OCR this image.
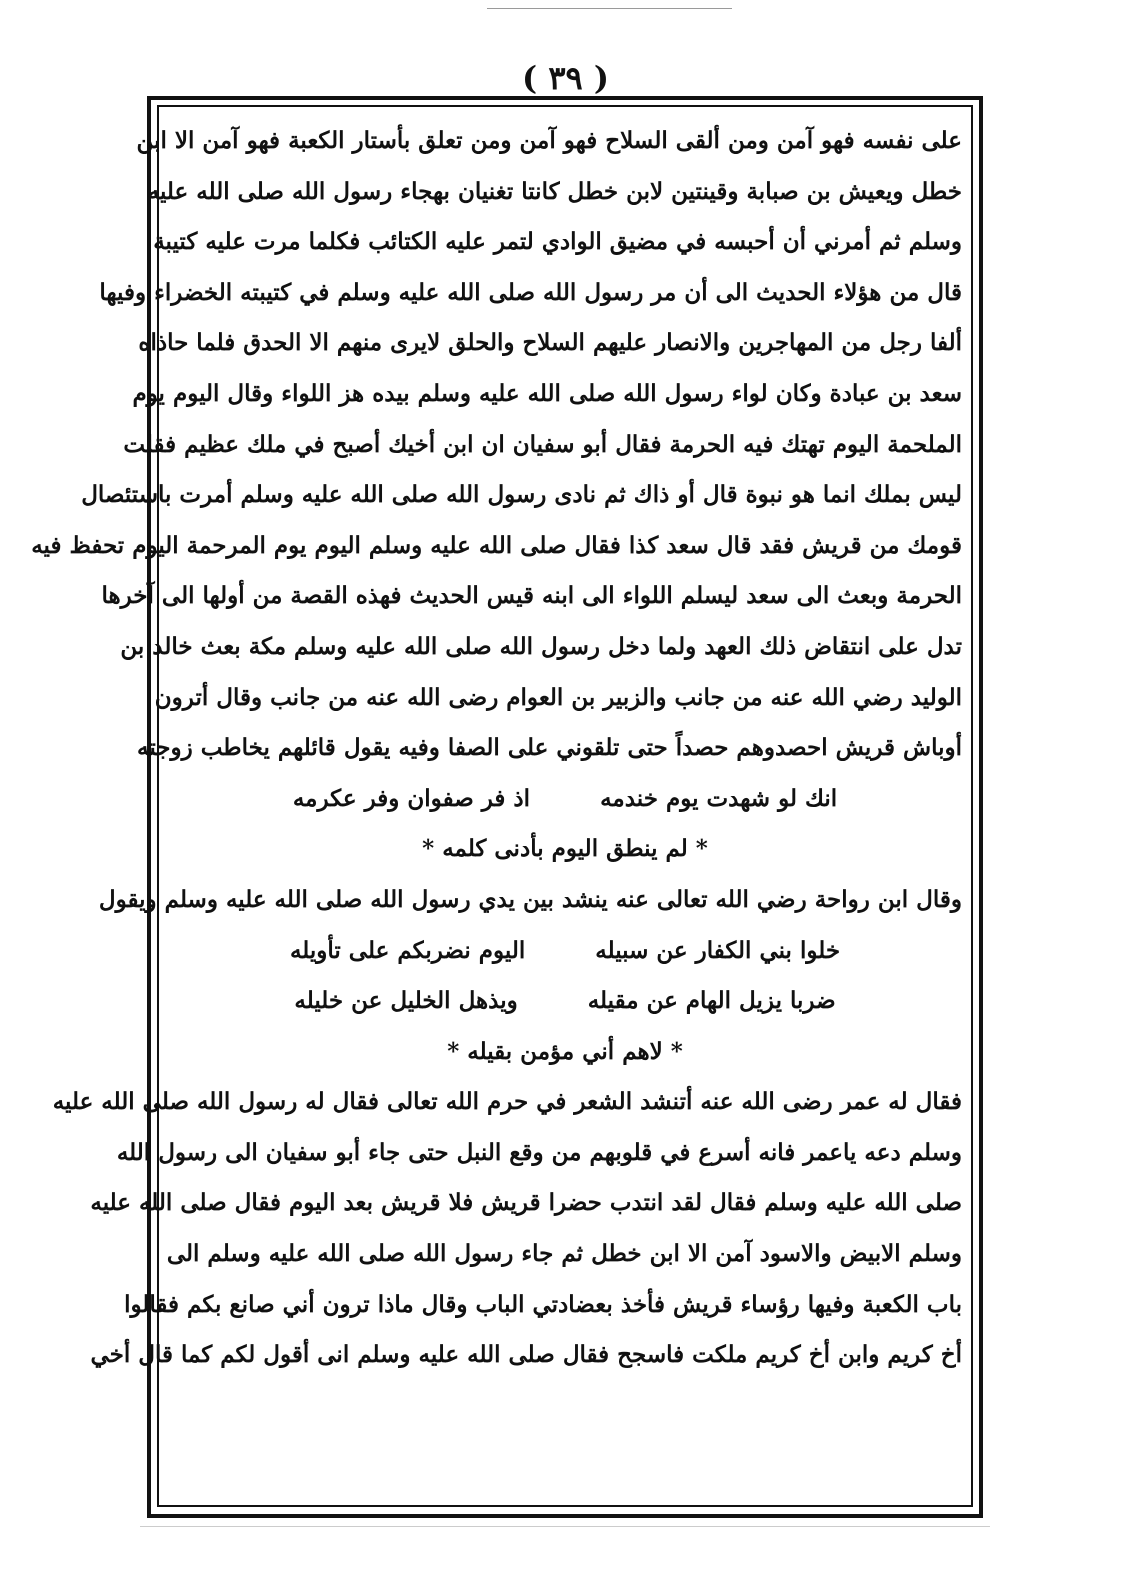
( ٣٩ )
على نفسه فهو آمن ومن ألقى السلاح فهو آمن ومن تعلق بأستار الكعبة فهو آمن الا ابن
خطل ويعيش بن صبابة وقينتين لابن خطل كانتا تغنيان بهجاء رسول الله صلى الله عليه
وسلم ثم أمرني أن أحبسه في مضيق الوادي لتمر عليه الكتائب فكلما مرت عليه كتيبة
قال من هؤلاء الحديث الى أن مر رسول الله صلى الله عليه وسلم في كتيبته الخضراء وفيها
ألفا رجل من المهاجرين والانصار عليهم السلاح والحلق لايرى منهم الا الحدق فلما حاذاه
سعد بن عبادة وكان لواء رسول الله صلى الله عليه وسلم بيده هز اللواء وقال اليوم يوم
الملحمة اليوم تهتك فيه الحرمة فقال أبو سفيان ان ابن أخيك أصبح في ملك عظيم فقلت
ليس بملك انما هو نبوة قال أو ذاك ثم نادى رسول الله صلى الله عليه وسلم أمرت باستئصال
قومك من قريش فقد قال سعد كذا فقال صلى الله عليه وسلم اليوم يوم المرحمة اليوم تحفظ فيه
الحرمة وبعث الى سعد ليسلم اللواء الى ابنه قيس الحديث فهذه القصة من أولها الى آخرها
تدل على انتقاض ذلك العهد ولما دخل رسول الله صلى الله عليه وسلم مكة بعث خالد بن
الوليد رضي الله عنه من جانب والزبير بن العوام رضى الله عنه من جانب وقال أترون
أوباش قريش احصدوهم حصداً حتى تلقوني على الصفا وفيه يقول قائلهم يخاطب زوجته
انك لو شهدت يوم خندمه
اذ فر صفوان وفر عكرمه
* لم ينطق اليوم بأدنى كلمه *
وقال ابن رواحة رضي الله تعالى عنه ينشد بين يدي رسول الله صلى الله عليه وسلم ويقول
خلوا بني الكفار عن سبيله
اليوم نضربكم على تأويله
ضربا يزيل الهام عن مقيله
ويذهل الخليل عن خليله
* لاهم أني مؤمن بقيله *
فقال له عمر رضى الله عنه أتنشد الشعر في حرم الله تعالى فقال له رسول الله صلى الله عليه
وسلم دعه ياعمر فانه أسرع في قلوبهم من وقع النبل حتى جاء أبو سفيان الى رسول الله
صلى الله عليه وسلم فقال لقد انتدب حضرا قريش فلا قريش بعد اليوم فقال صلى الله عليه
وسلم الابيض والاسود آمن الا ابن خطل ثم جاء رسول الله صلى الله عليه وسلم الى
باب الكعبة وفيها رؤساء قريش فأخذ بعضادتي الباب وقال ماذا ترون أني صانع بكم فقالوا
أخ كريم وابن أخ كريم ملكت فاسجح فقال صلى الله عليه وسلم انى أقول لكم كما قال أخي
